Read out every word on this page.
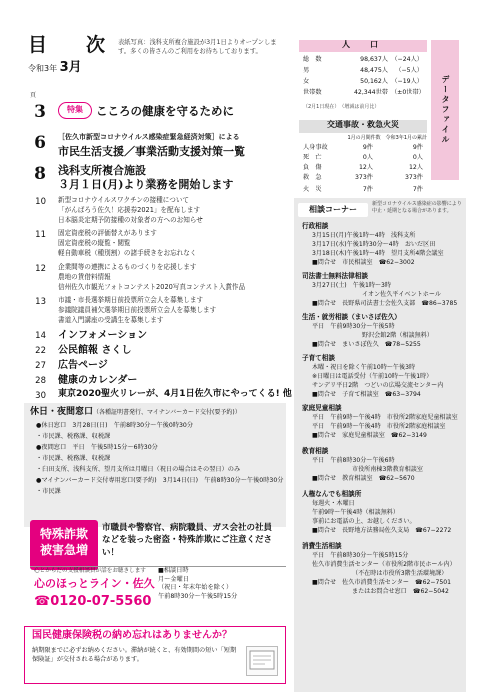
目　次
令和3年 3月
表紙写真：浅科支所複合施設が3月1日よりオープンします。多くの皆さんのご利用をお待ちしております。
頁
3	特集	こころの健康を守るために
6 ［佐久市新型コロナウイルス感染症緊急経済対策］による
市民生活支援／事業活動支援対策一覧
8 浅科支所複合施設
３月１日(月)より業務を開始します
10 新型コロナウイルスワクチンの接種について
「がんばろう佐久！応援券2021」を配布します
日本脳炎定期予防接種の対象者の方へのお知らせ
11 固定資産税の評価替えがあります
固定資産税の縦覧・閲覧
軽自動車税（種別割）の諸手続きをお忘れなく
12 企業間等の連携によるものづくりを応援します
農地の賃借料情報
信州佐久市観光フォトコンテスト2020写真コンテスト入賞作品
13 市議・市長選挙期日前投票所立会人を募集します
参議院議員補欠選挙期日前投票所立会人を募集します
書道入門講座の受講生を募集します
14 インフォメーション
22 公民館報 さくし
27 広告ページ
28 健康のカレンダー
30 東京2020聖火リレーが、4月1日佐久市にやってくる! 他
休日・夜間窓口（各種証明書発行、マイナンバーカード交付(要予約)）
●休日窓口　3月28日(日)　午前8時30分～午後0時30分
・市民課、税務課、収税課
●夜間窓口　平日　午後5時15分～6時30分
・市民課、税務課、収税課
・臼田支所、浅科支所、望月支所は月曜日（祝日の場合はその翌日）のみ
●マイナンバーカード交付専用窓口(要予約)　3月14日(日)　午前8時30分～午後0時30分
・市民課
特殊詐欺
被害急増
市職員や警察官、病院職員、ガス会社の社員などを装った密盗・特殊詐欺にご注意ください！
心とからだの支援相談員が話をお聴きします
心のほっとライン・佐久
☎0120-07-5560
■相談日時
月～金曜日
（祝日・年末年始を除く）
午前8時30分～午後5時15分
国民健康保険税の納め忘れはありませんか？
納期限までに必ずお納めください。滞納が続くと、有効期間の短い「短期保険証」が交付される場合があります。
人　口
総　数	98,637人 （−24人）
男	48,475人	（−5人）
女	50,162人 （−19人）
世帯数	42,344世帯 （±0世帯）
（2月1日現在）　（増減は前月比）	データファイル
交通事故・救急火災
1月の月間件数　令和3年1月の累計
人身事故	9件	9件
死　亡	0人	0人
負　傷	12人	12人
救　急	373件	373件
火　災	7件	7件
相談コーナー
新型コロナウイルス感染症の影響により中止・延期となる場合があります。
行政相談
3月15日(月)午後1時～4時　浅科支所
3月17日(水)午後1時30分～4時　おいだ区田
3月18日(木)午後1時～4時　望月支所4階会議室
■問合せ　市民相談室　☎62−3002
司法書士無料法律相談
3月27日(土)　午後1時～3時
イオン佐久平イベントホール
■問合せ　長野県司法書士会佐久支部　☎86−3785
生活・就労相談（まいさぽ佐久）
平日　午前9時30分～午後5時
野沢会館2階（相談無料）
■問合せ　まいさぽ佐久　☎78−5255
子育て相談
木曜・祝日を除く午前10時～午後3時
※日曜日は電話受付（午前10時～午後1時）
サンデリ平日2階　つどいの広場交流センター内
■問合せ　子育て相談室　☎63−3794
家庭児童相談
平日　午前9時～午後4時　市役所2階家庭児童相談室
平日　午前9時～午後4時　市役所2階家庭相談室
■問合せ　家庭児童相談室　☎62−3149
教育相談
平日　午前8時30分～午後6時
市役所南棟3階教育相談室
■問合せ　教育相談室　☎62−5670
人権なんでも相談所
毎週火・木曜日
午前9時～午後4時（相談無料）
事前にお電話の上、お越しください。
■問合せ　長野地方法務局佐久支局　☎67−2272
消費生活相談
平日　午前8時30分～午後5時15分
佐久市消費生活センター（市役所2階市民ホール内）
（不在時は市役所3階生活環境課）
■問合せ　佐久市消費生活センター　☎62−7501
またはお問合せ窓口　☎62−5042
